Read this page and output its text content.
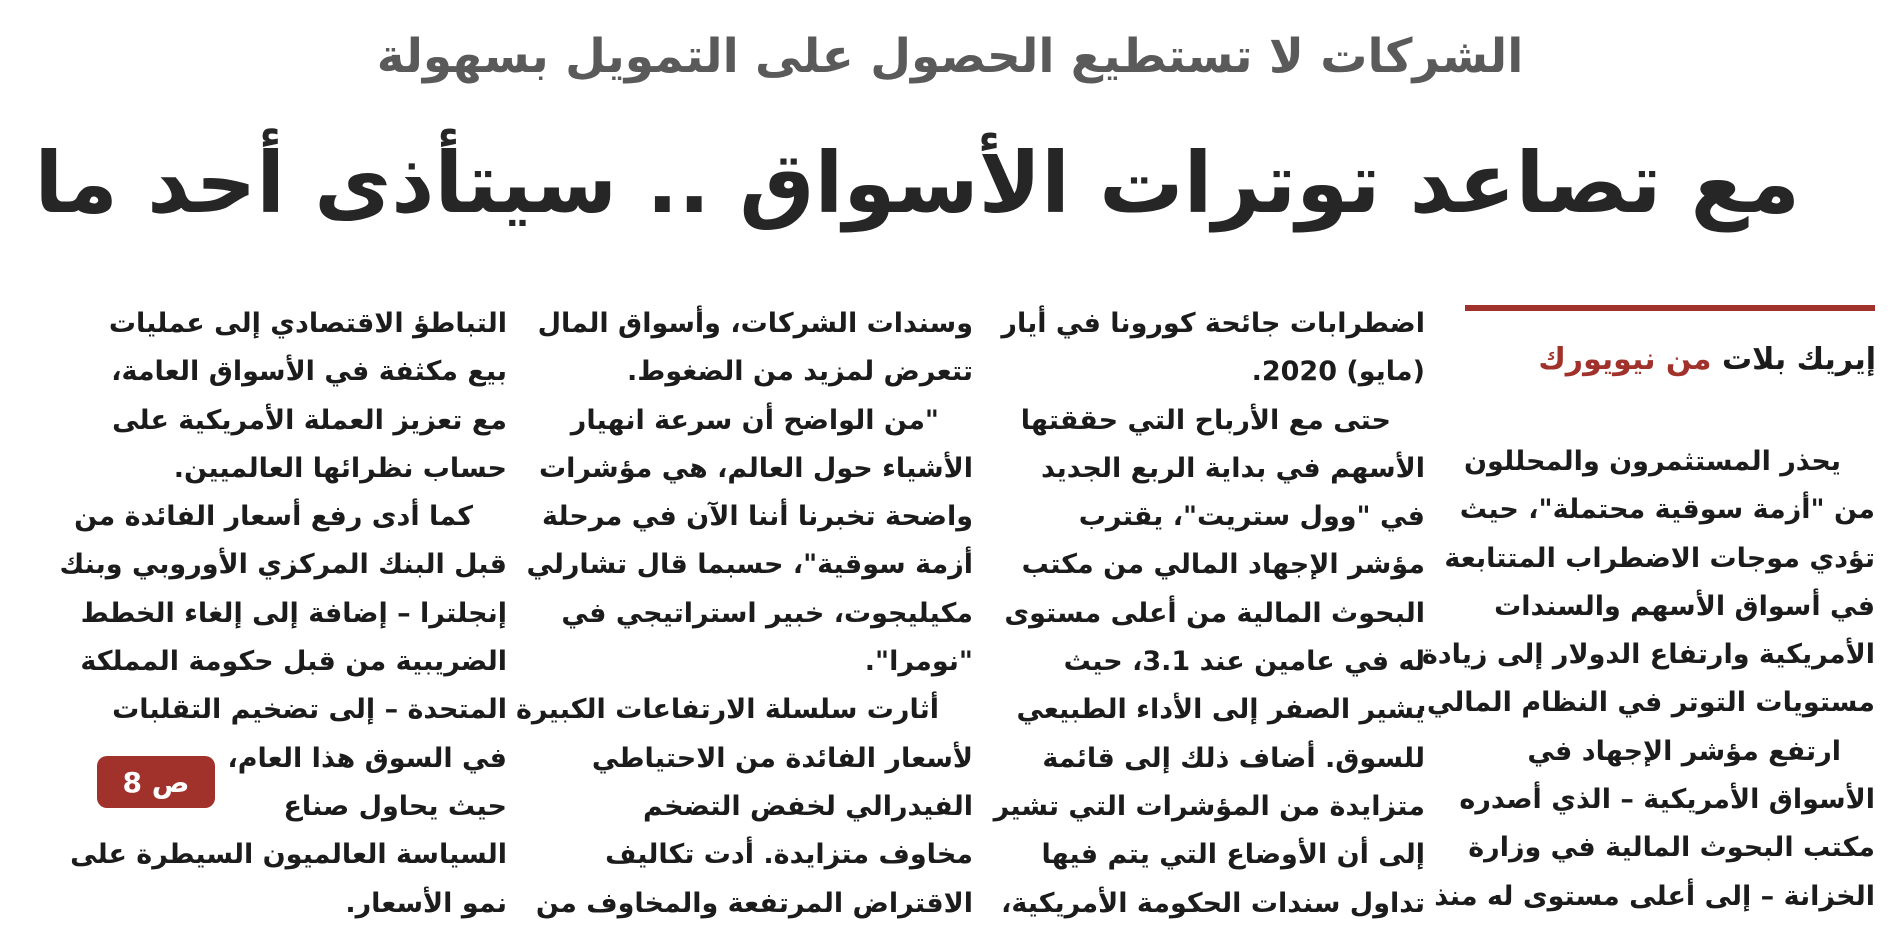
الشركات لا تستطيع الحصول على التمويل بسهولة
مع تصاعد توترات الأسواق .. سيتأذى أحد ما
إيريك بلات من نيويورك
يحذر المستثمرون والمحللون
من "أزمة سوقية محتملة"، حيث
تؤدي موجات الاضطراب المتتابعة
في أسواق الأسهم والسندات
الأمريكية وارتفاع الدولار إلى زيادة
مستويات التوتر في النظام المالي.
ارتفع مؤشر الإجهاد في
الأسواق الأمريكية – الذي أصدره
مكتب البحوث المالية في وزارة
الخزانة – إلى أعلى مستوى له منذ
اضطرابات جائحة كورونا في أيار
(مايو) 2020.
حتى مع الأرباح التي حققتها
الأسهم في بداية الربع الجديد
في "وول ستريت"، يقترب
مؤشر الإجهاد المالي من مكتب
البحوث المالية من أعلى مستوى
له في عامين عند 3.1، حيث
يشير الصفر إلى الأداء الطبيعي
للسوق. أضاف ذلك إلى قائمة
متزايدة من المؤشرات التي تشير
إلى أن الأوضاع التي يتم فيها
تداول سندات الحكومة الأمريكية،
وسندات الشركات، وأسواق المال
تتعرض لمزيد من الضغوط.
"من الواضح أن سرعة انهيار
الأشياء حول العالم، هي مؤشرات
واضحة تخبرنا أننا الآن في مرحلة
أزمة سوقية"، حسبما قال تشارلي
مكيليجوت، خبير استراتيجي في
"نومرا".
أثارت سلسلة الارتفاعات الكبيرة
لأسعار الفائدة من الاحتياطي
الفيدرالي لخفض التضخم
مخاوف متزايدة. أدت تكاليف
الاقتراض المرتفعة والمخاوف من
التباطؤ الاقتصادي إلى عمليات
بيع مكثفة في الأسواق العامة،
مع تعزيز العملة الأمريكية على
حساب نظرائها العالميين.
كما أدى رفع أسعار الفائدة من
قبل البنك المركزي الأوروبي وبنك
إنجلترا – إضافة إلى إلغاء الخطط
الضريبية من قبل حكومة المملكة
المتحدة – إلى تضخيم التقلبات
في السوق هذا العام،
حيث يحاول صناع
السياسة العالميون السيطرة على
نمو الأسعار.
ص 8
